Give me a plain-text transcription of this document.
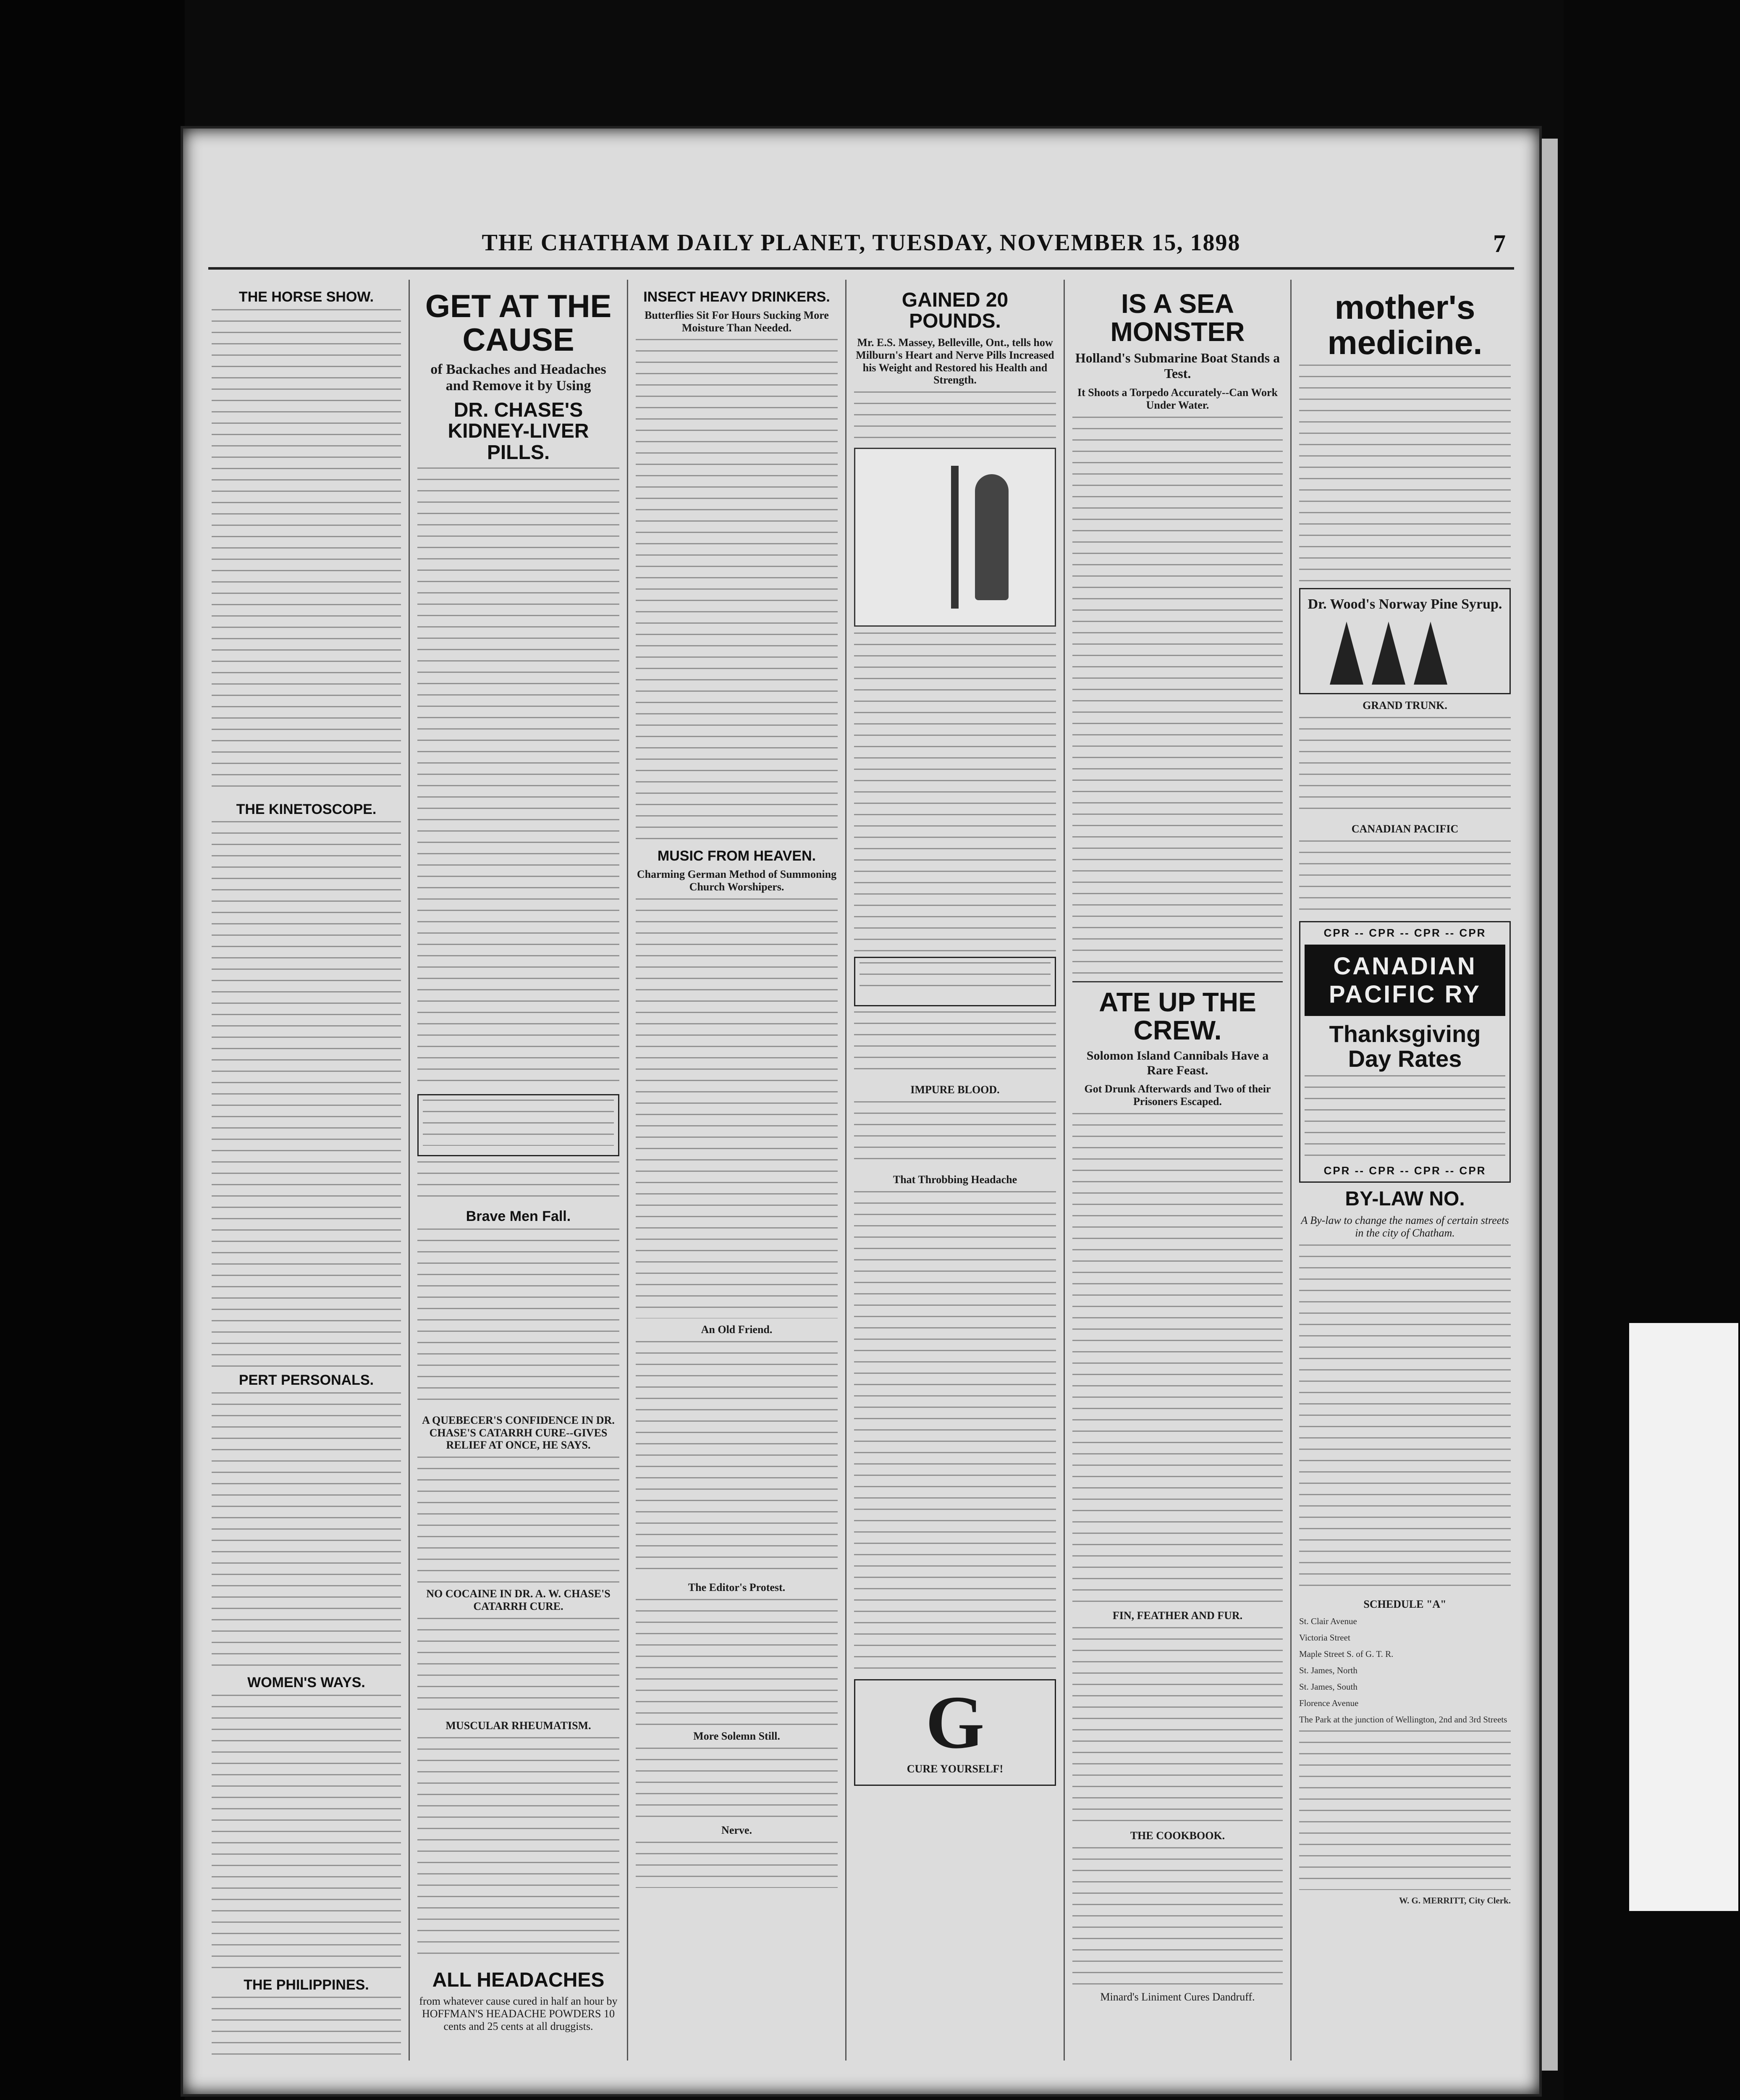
THE CHATHAM DAILY PLANET, TUESDAY, NOVEMBER 15, 1898	7
THE HORSE SHOW.
THE KINETOSCOPE.
PERT PERSONALS.
WOMEN'S WAYS.
THE PHILIPPINES.
GET AT THE CAUSE
of Backaches and Headaches and Remove it by Using
DR. CHASE'S KIDNEY-LIVER PILLS.
Brave Men Fall.
A QUEBECER'S CONFIDENCE IN DR. CHASE'S CATARRH CURE--GIVES RELIEF AT ONCE, HE SAYS.
NO COCAINE IN DR. A. W. CHASE'S CATARRH CURE.
MUSCULAR RHEUMATISM.
ALL HEADACHES
from whatever cause cured in half an hour by HOFFMAN'S HEADACHE POWDERS 10 cents and 25 cents at all druggists.
INSECT HEAVY DRINKERS.
Butterflies Sit For Hours Sucking More Moisture Than Needed.
MUSIC FROM HEAVEN.
Charming German Method of Summoning Church Worshipers.
An Old Friend.
The Editor's Protest.
More Solemn Still.
Nerve.
GAINED 20 POUNDS.
Mr. E.S. Massey, Belleville, Ont., tells how Milburn's Heart and Nerve Pills Increased his Weight and Restored his Health and Strength.
IMPURE BLOOD.
That Throbbing Headache
G
CURE YOURSELF!
IS A SEA MONSTER
Holland's Submarine Boat Stands a Test.
It Shoots a Torpedo Accurately--Can Work Under Water.
ATE UP THE CREW.
Solomon Island Cannibals Have a Rare Feast.
Got Drunk Afterwards and Two of their Prisoners Escaped.
FIN, FEATHER AND FUR.
THE COOKBOOK.
Minard's Liniment Cures Dandruff.
mother's medicine.
Dr. Wood's Norway Pine Syrup.
GRAND TRUNK.
CANADIAN PACIFIC
CPR -- CPR -- CPR -- CPR
CANADIAN PACIFIC RY
Thanksgiving Day Rates
CPR -- CPR -- CPR -- CPR
BY-LAW NO.
A By-law to change the names of certain streets in the city of Chatham.
SCHEDULE "A"
St. Clair Avenue
Victoria Street
Maple Street S. of G. T. R.
St. James, North
St. James, South
Florence Avenue
The Park at the junction of Wellington, 2nd and 3rd Streets
W. G. MERRITT, City Clerk.
